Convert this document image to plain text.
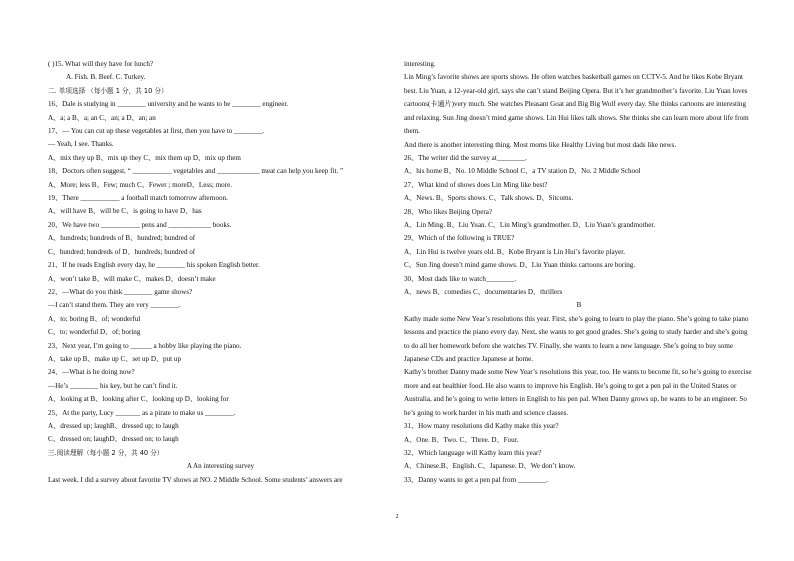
( )15. What will they have for lunch?
A. Fish. B. Beef. C. Turkey.
二. 单项选择 （每小题 1 分，共 10 分）
16、Dale is studying in ________ university and he wants to be ________ engineer.
A、a; a B、a; an C、an; a D、an; an
17、— You can cut up these vegetables at first, then you have to ________.
— Yeah, I see. Thanks.
A、mix they up B、mix up they C、mix them up D、mix up them
18、Doctors often suggest, “ ___________ vegetables and ____________ meat can help you keep fit. ”
A、More; less B、Few; much C、Fewer ; moreD、Less; more.
19、There ___________ a football match tomorrow afternoon.
A、will have B、will be C、is going to have D、has
20、We have two ___________ pens and ____________ books.
A、hundreds; hundreds of B、hundred; hundred of
C、hundred; hundreds of D、hundreds; hundred of
21、If he reads English every day, he ________ his spoken English better.
A、won’t take B、will make C、makes D、doesn’t make
22、—What do you think ________ game shows?
—I can’t stand them. They are very ________.
A、to; boring B、of; wonderful
C、to; wonderful D、of; boring
23、Next year, I’m going to ______ a hobby like playing the piano.
A、take up B、make up C、set up D、put up
24、—What is he doing now?
—He’s ________ his key, but he can’t find it.
A、looking at B、looking after C、looking up D、looking for
25、At the party, Lucy _______ as a pirate to make us ________.
A、dressed up; laughB、dressed up; to laugh
C、dressed on; laughD、dressed on; to laugh
三.阅读理解（每小题 2 分，共 40 分）
A An interesting survey
Last week, I did a survey about favorite TV shows at NO. 2 Middle School. Some students’ answers are
interesting.
Lin Ming’s favorite shows are sports shows. He often watches basketball games on CCTV-5. And he likes Kobe Bryant best. Liu Yuan, a 12-year-old girl, says she can’t stand Beijing Opera. But it’s her grandmother’s favorite. Liu Yuan loves cartoons(卡通片)very much. She watches Pleasant Goat and Big Big Wolf every day. She thinks cartoons are interesting and relaxing. Sun Jing doesn’t mind game shows. Lin Hui likes talk shows. She thinks she can learn more about life from them.
And there is another interesting thing. Most moms like Healthy Living but most dads like news.
26、The writer did the survey at________.
A、his home B、No. 10 Middle School C、a TV station D、No. 2 Middle School
27、What kind of shows does Lin Ming like best?
A、News. B、Sports shows. C、Talk shows. D、Sitcoms.
28、Who likes Beijing Opera?
A、Lin Ming. B、Liu Yuan. C、Lin Ming’s grandmother. D、Liu Yuan’s grandmother.
29、Which of the following is TRUE?
A、Lin Hui is twelve years old. B、Kobe Bryant is Lin Hui’s favorite player.
C、Sun Jing doesn’t mind game shows. D、Liu Yuan thinks cartoons are boring.
30、Most dads like to watch________.
A、news B、comedies C、documentaries D、thrillers
B
Kathy made some New Year’s resolutions this year. First, she’s going to learn to play the piano. She’s going to take piano lessons and practice the piano every day. Next, she wants to get good grades. She’s going to study harder and she’s going to do all her homework before she watches TV. Finally, she wants to learn a new language. She’s going to buy some Japanese CDs and practice Japanese at home.
Kathy’s brother Danny made some New Year’s resolutions this year, too. He wants to become fit, so he’s going to exercise more and eat healthier food. He also wants to improve his English. He’s going to get a pen pal in the United States or Australia, and he’s going to write letters in English to his pen pal. When Danny grows up, he wants to be an engineer. So he’s going to work harder in his math and science classes.
31、How many resolutions did Kathy make this year?
A、One. B、Two. C、Three. D、Four.
32、Which language will Kathy learn this year?
A、Chinese.B、English. C、Japanese. D、We don’t know.
33、Danny wants to get a pen pal from ________.
2
